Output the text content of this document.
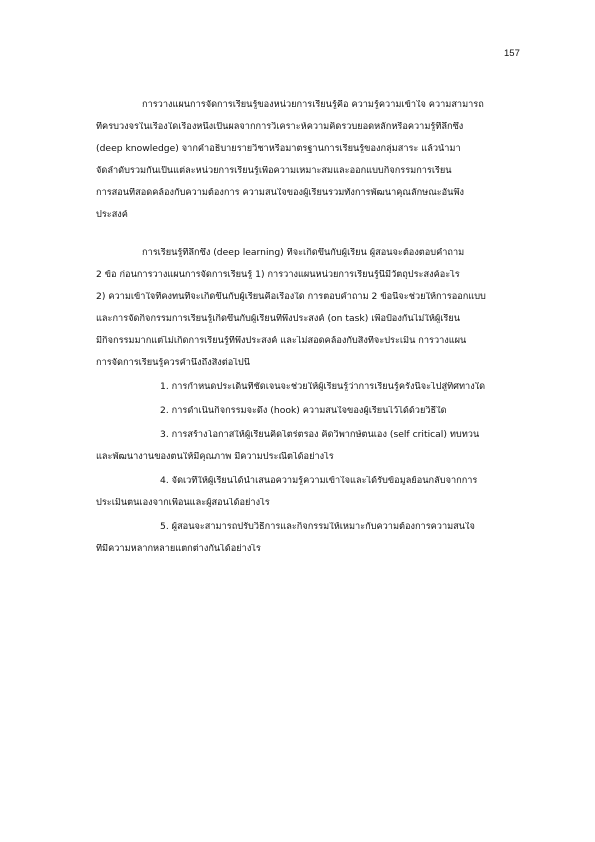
157
การวางแผนการจัดการเรียนรู้ของหน่วยการเรียนรู้คือ ความรู้ความเข้าใจ ความสามารถ
ที่ครบวงจรในเรื่องใดเรื่องหนึ่งเป็นผลจากการวิเคราะห์ความคิดรวบยอดหลักหรือความรู้ที่ลึกซึ้ง
(deep knowledge) จากคำอธิบายรายวิชาหรือมาตรฐานการเรียนรู้ของกลุ่มสาระ แล้วนำมา
จัดลำดับรวมกันเป็นแต่ละหน่วยการเรียนรู้เพื่อความเหมาะสมและออกแบบกิจกรรมการเรียน
การสอนที่สอดคล้องกับความต้องการ ความสนใจของผู้เรียนรวมทั้งการพัฒนาคุณลักษณะอันพึง
ประสงค์
การเรียนรู้ที่ลึกซึ้ง (deep learning) ที่จะเกิดขึ้นกับผู้เรียน ผู้สอนจะต้องตอบคำถาม
2 ข้อ ก่อนการวางแผนการจัดการเรียนรู้ 1) การวางแผนหน่วยการเรียนรู้นี้มีวัตถุประสงค์อะไร
2) ความเข้าใจที่คงทนที่จะเกิดขึ้นกับผู้เรียนคือเรื่องใด การตอบคำถาม 2 ข้อนี้จะช่วยให้การออกแบบ
และการจัดกิจกรรมการเรียนรู้เกิดขึ้นกับผู้เรียนที่พึงประสงค์ (on task) เพื่อป้องกันไม่ให้ผู้เรียน
มีกิจกรรมมากแต่ไม่เกิดการเรียนรู้ที่พึงประสงค์ และไม่สอดคล้องกับสิ่งที่จะประเมิน การวางแผน
การจัดการเรียนรู้ควรคำนึงถึงสิ่งต่อไปนี้
1. การกำหนดประเด็นที่ชัดเจนจะช่วยให้ผู้เรียนรู้ว่าการเรียนรู้ครั้งนี้จะไปสู่ทิศทางใด
2. การดำเนินกิจกรรมจะดึง (hook) ความสนใจของผู้เรียนไว้ได้ด้วยวิธีใด
3. การสร้างโอกาสให้ผู้เรียนคิดไตร่ตรอง คิดวิพากษ์ตนเอง (self critical) ทบทวน
และพัฒนางานของตนให้มีคุณภาพ มีความประณีตได้อย่างไร
4. จัดเวทีให้ผู้เรียนได้นำเสนอความรู้ความเข้าใจและได้รับข้อมูลย้อนกลับจากการ
ประเมินตนเองจากเพื่อนและผู้สอนได้อย่างไร
5. ผู้สอนจะสามารถปรับวิธีการและกิจกรรมให้เหมาะกับความต้องการความสนใจ
ที่มีความหลากหลายแตกต่างกันได้อย่างไร
